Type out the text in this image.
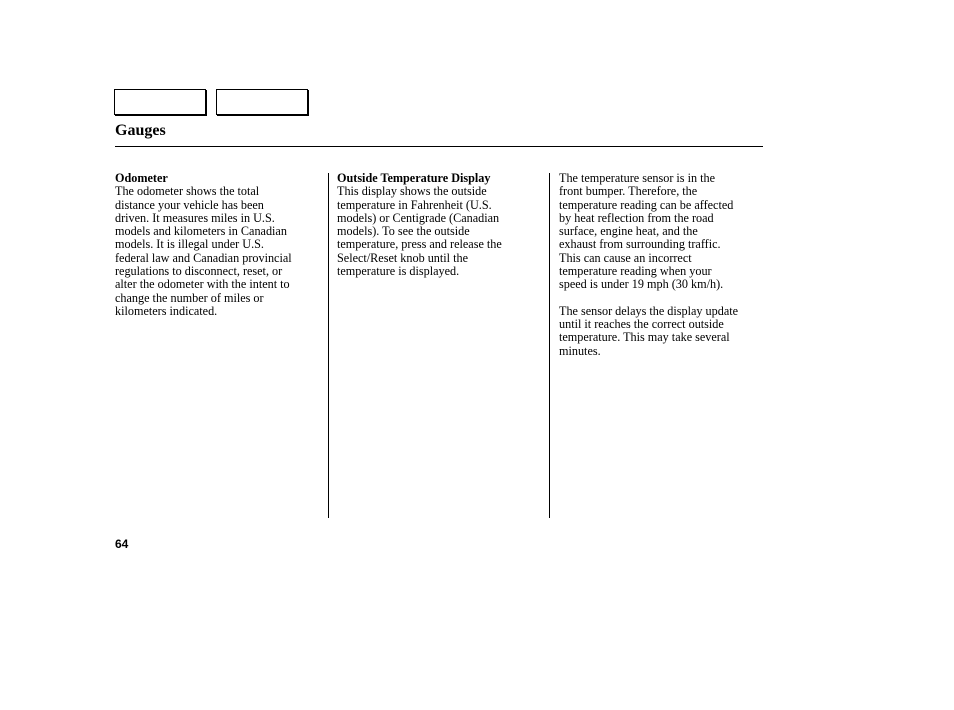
Gauges
Odometer

The odometer shows the total
distance your vehicle has been
driven. It measures miles in U.S.
models and kilometers in Canadian
models. It is illegal under U.S.
federal law and Canadian provincial
regulations to disconnect, reset, or
alter the odometer with the intent to
change the number of miles or
kilometers indicated.

Outside Temperature Display

This display shows the outside
temperature in Fahrenheit (U.S.
models) or Centigrade (Canadian
models). To see the outside
temperature, press and release the
Select/Reset knob until the
temperature is displayed.

The temperature sensor is in the
front bumper. Therefore, the
temperature reading can be affected
by heat reflection from the road
surface, engine heat, and the
exhaust from surrounding traffic.
This can cause an incorrect
temperature reading when your
speed is under 19 mph (30 km/h).

The sensor delays the display update
until it reaches the correct outside
temperature. This may take several
minutes.

64
